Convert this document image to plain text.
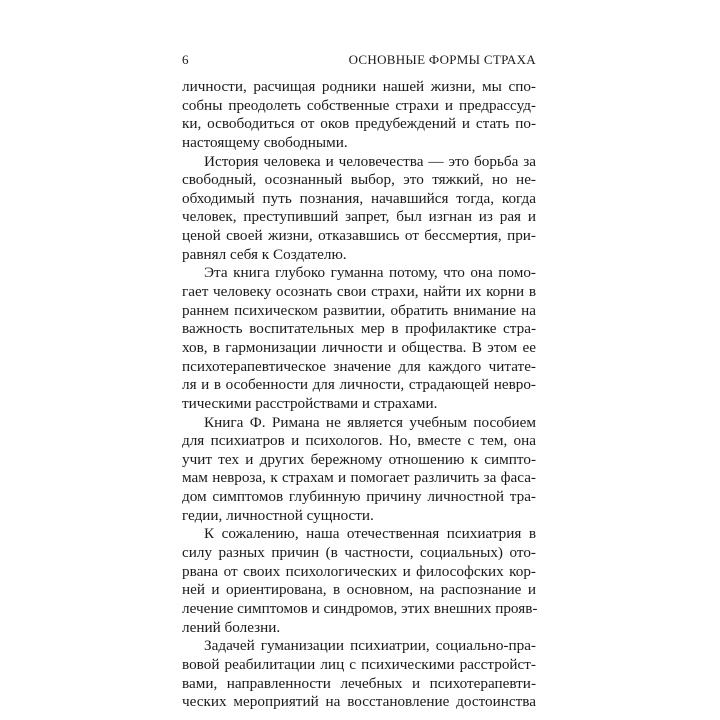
6	ОСНОВНЫЕ ФОРМЫ СТРАХА
личности, расчищая родники нашей жизни, мы спо-
собны преодолеть собственные страхи и предрассуд-
ки, освободиться от оков предубеждений и стать по-
настоящему свободными.
История человека и человечества — это борьба за
свободный, осознанный выбор, это тяжкий, но не-
обходимый путь познания, начавшийся тогда, когда
человек, преступивший запрет, был изгнан из рая и
ценой своей жизни, отказавшись от бессмертия, при-
равнял себя к Создателю.
Эта книга глубоко гуманна потому, что она помо-
гает человеку осознать свои страхи, найти их корни в
раннем психическом развитии, обратить внимание на
важность воспитательных мер в профилактике стра-
хов, в гармонизации личности и общества. В этом ее
психотерапевтическое значение для каждого читате-
ля и в особенности для личности, страдающей невро-
тическими расстройствами и страхами.
Книга Ф. Римана не является учебным пособием
для психиатров и психологов. Но, вместе с тем, она
учит тех и других бережному отношению к симпто-
мам невроза, к страхам и помогает различить за фаса-
дом симптомов глубинную причину личностной тра-
гедии, личностной сущности.
К сожалению, наша отечественная психиатрия в
силу разных причин (в частности, социальных) ото-
рвана от своих психологических и философских кор-
ней и ориентирована, в основном, на распознание и
лечение симптомов и синдромов, этих внешних прояв-
лений болезни.
Задачей гуманизации психиатрии, социально-пра-
вовой реабилитации лиц с психическими расстройст-
вами, направленности лечебных и психотерапевти-
ческих мероприятий на восстановление достоинства
